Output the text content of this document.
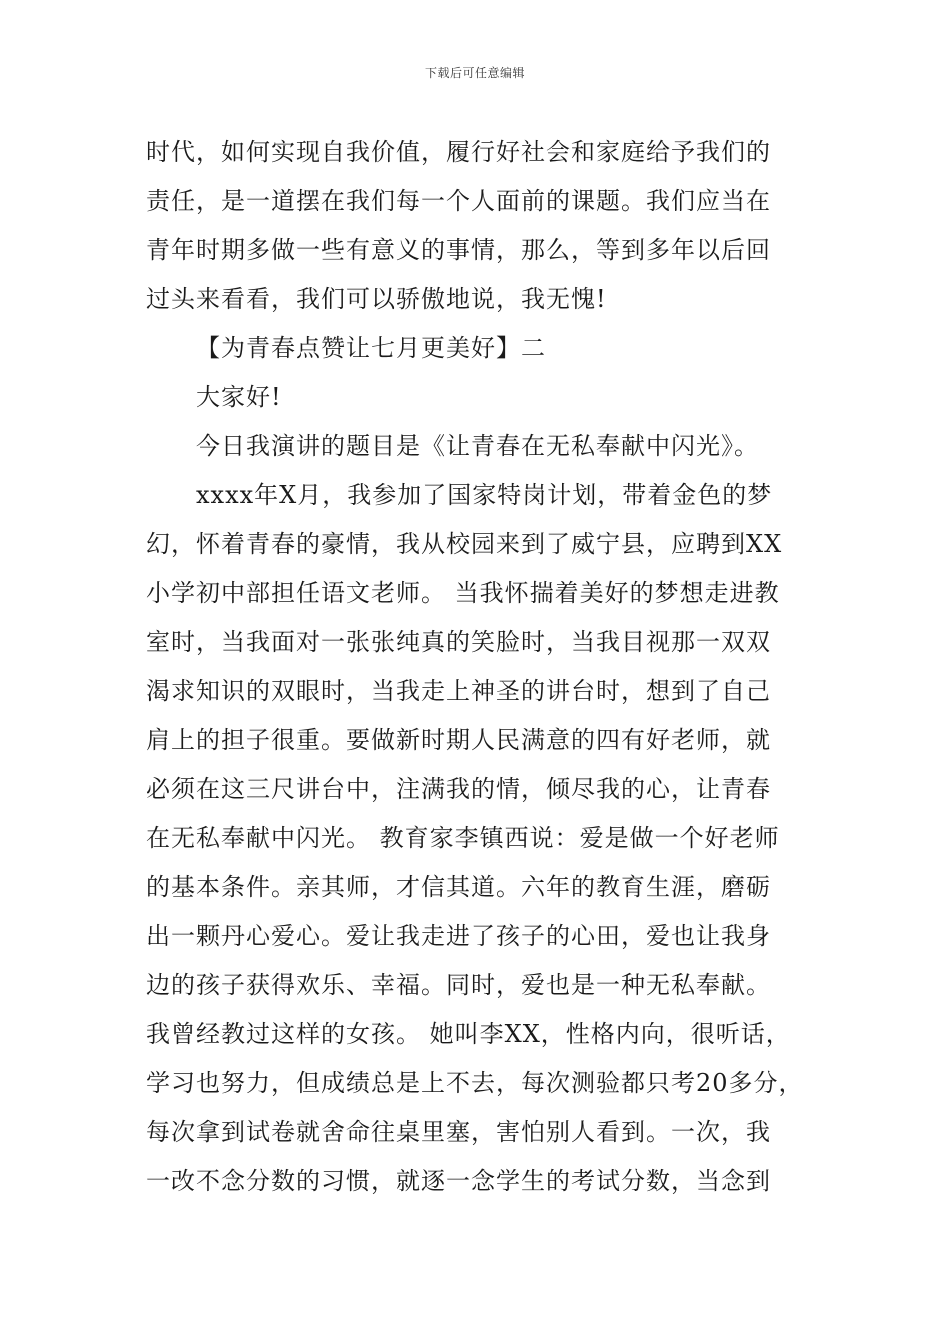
下载后可任意编辑
时代，如何实现自我价值，履行好社会和家庭给予我们的
责任，是一道摆在我们每一个人面前的课题。我们应当在
青年时期多做一些有意义的事情，那么，等到多年以后回
过头来看看，我们可以骄傲地说，我无愧!
【为青春点赞让七月更美好】二
大家好!
今日我演讲的题目是《让青春在无私奉献中闪光》。
xxxx年X月，我参加了国家特岗计划，带着金色的梦
幻，怀着青春的豪情，我从校园来到了威宁县，应聘到XX
小学初中部担任语文老师。 当我怀揣着美好的梦想走进教
室时，当我面对一张张纯真的笑脸时，当我目视那一双双
渴求知识的双眼时，当我走上神圣的讲台时，想到了自己
肩上的担子很重。要做新时期人民满意的四有好老师，就
必须在这三尺讲台中，注满我的情，倾尽我的心，让青春
在无私奉献中闪光。 教育家李镇西说：爱是做一个好老师
的基本条件。亲其师，才信其道。六年的教育生涯，磨砺
出一颗丹心爱心。爱让我走进了孩子的心田，爱也让我身
边的孩子获得欢乐、幸福。同时，爱也是一种无私奉献。
我曾经教过这样的女孩。 她叫李XX，性格内向，很听话，
学习也努力，但成绩总是上不去，每次测验都只考20多分，
每次拿到试卷就舍命往桌里塞，害怕别人看到。一次，我
一改不念分数的习惯，就逐一念学生的考试分数，当念到
